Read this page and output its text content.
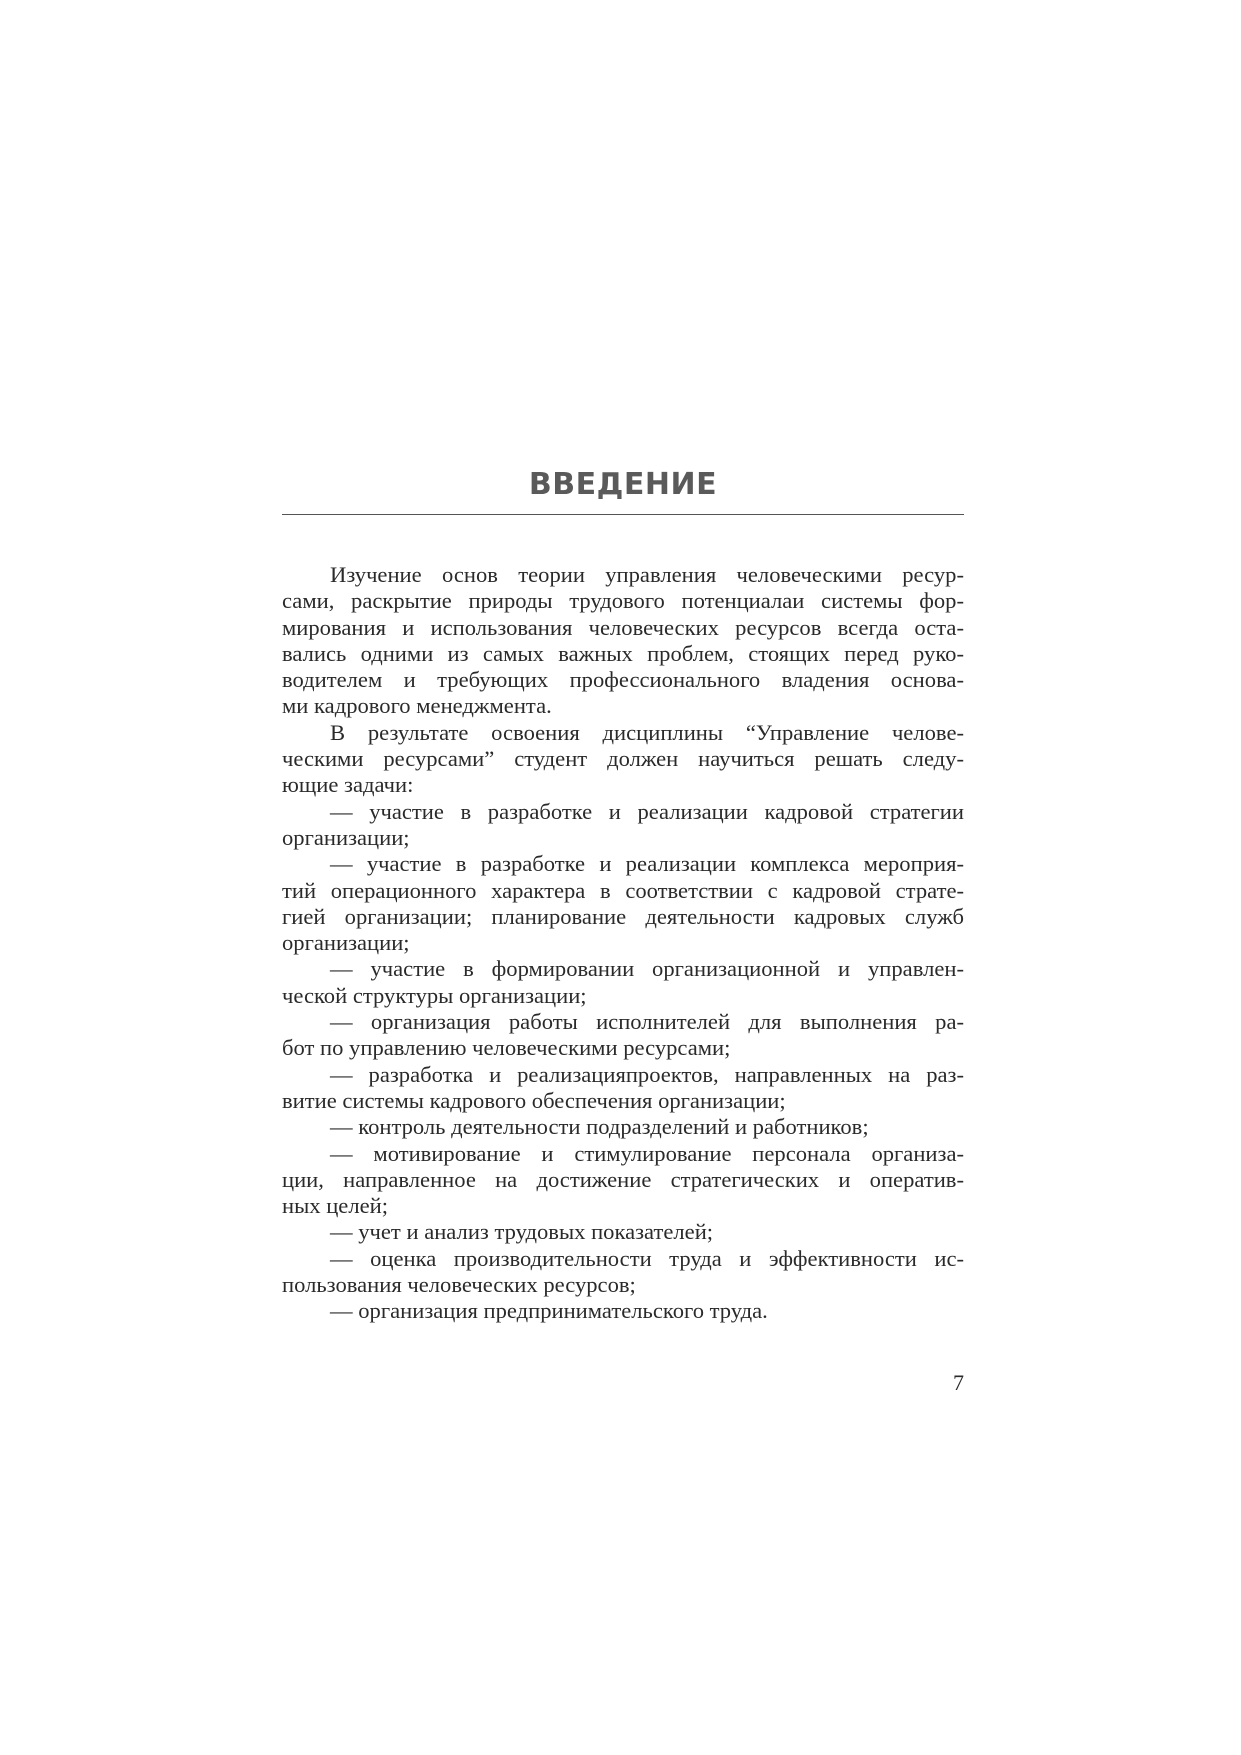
ВВЕДЕНИЕ
Изучение основ теории управления человеческими ресур-
сами, раскрытие природы трудового потенциалаи системы фор-
мирования и использования человеческих ресурсов всегда оста-
вались одними из самых важных проблем, стоящих перед руко-
водителем и требующих профессионального владения основа-
ми кадрового менеджмента.
В результате освоения дисциплины “Управление челове-
ческими ресурсами” студент должен научиться решать следу-
ющие задачи:
— участие в разработке и реализации кадровой стратегии
организации;
— участие в разработке и реализации комплекса мероприя-
тий операционного характера в соответствии с кадровой страте-
гией организации; планирование деятельности кадровых служб
организации;
— участие в формировании организационной и управлен-
ческой структуры организации;
— организация работы исполнителей для выполнения ра-
бот по управлению человеческими ресурсами;
— разработка и реализацияпроектов, направленных на раз-
витие системы кадрового обеспечения организации;
— контроль деятельности подразделений и работников;
— мотивирование и стимулирование персонала организа-
ции, направленное на достижение стратегических и оператив-
ных целей;
— учет и анализ трудовых показателей;
— оценка производительности труда и эффективности ис-
пользования человеческих ресурсов;
— организация предпринимательского труда.
7
